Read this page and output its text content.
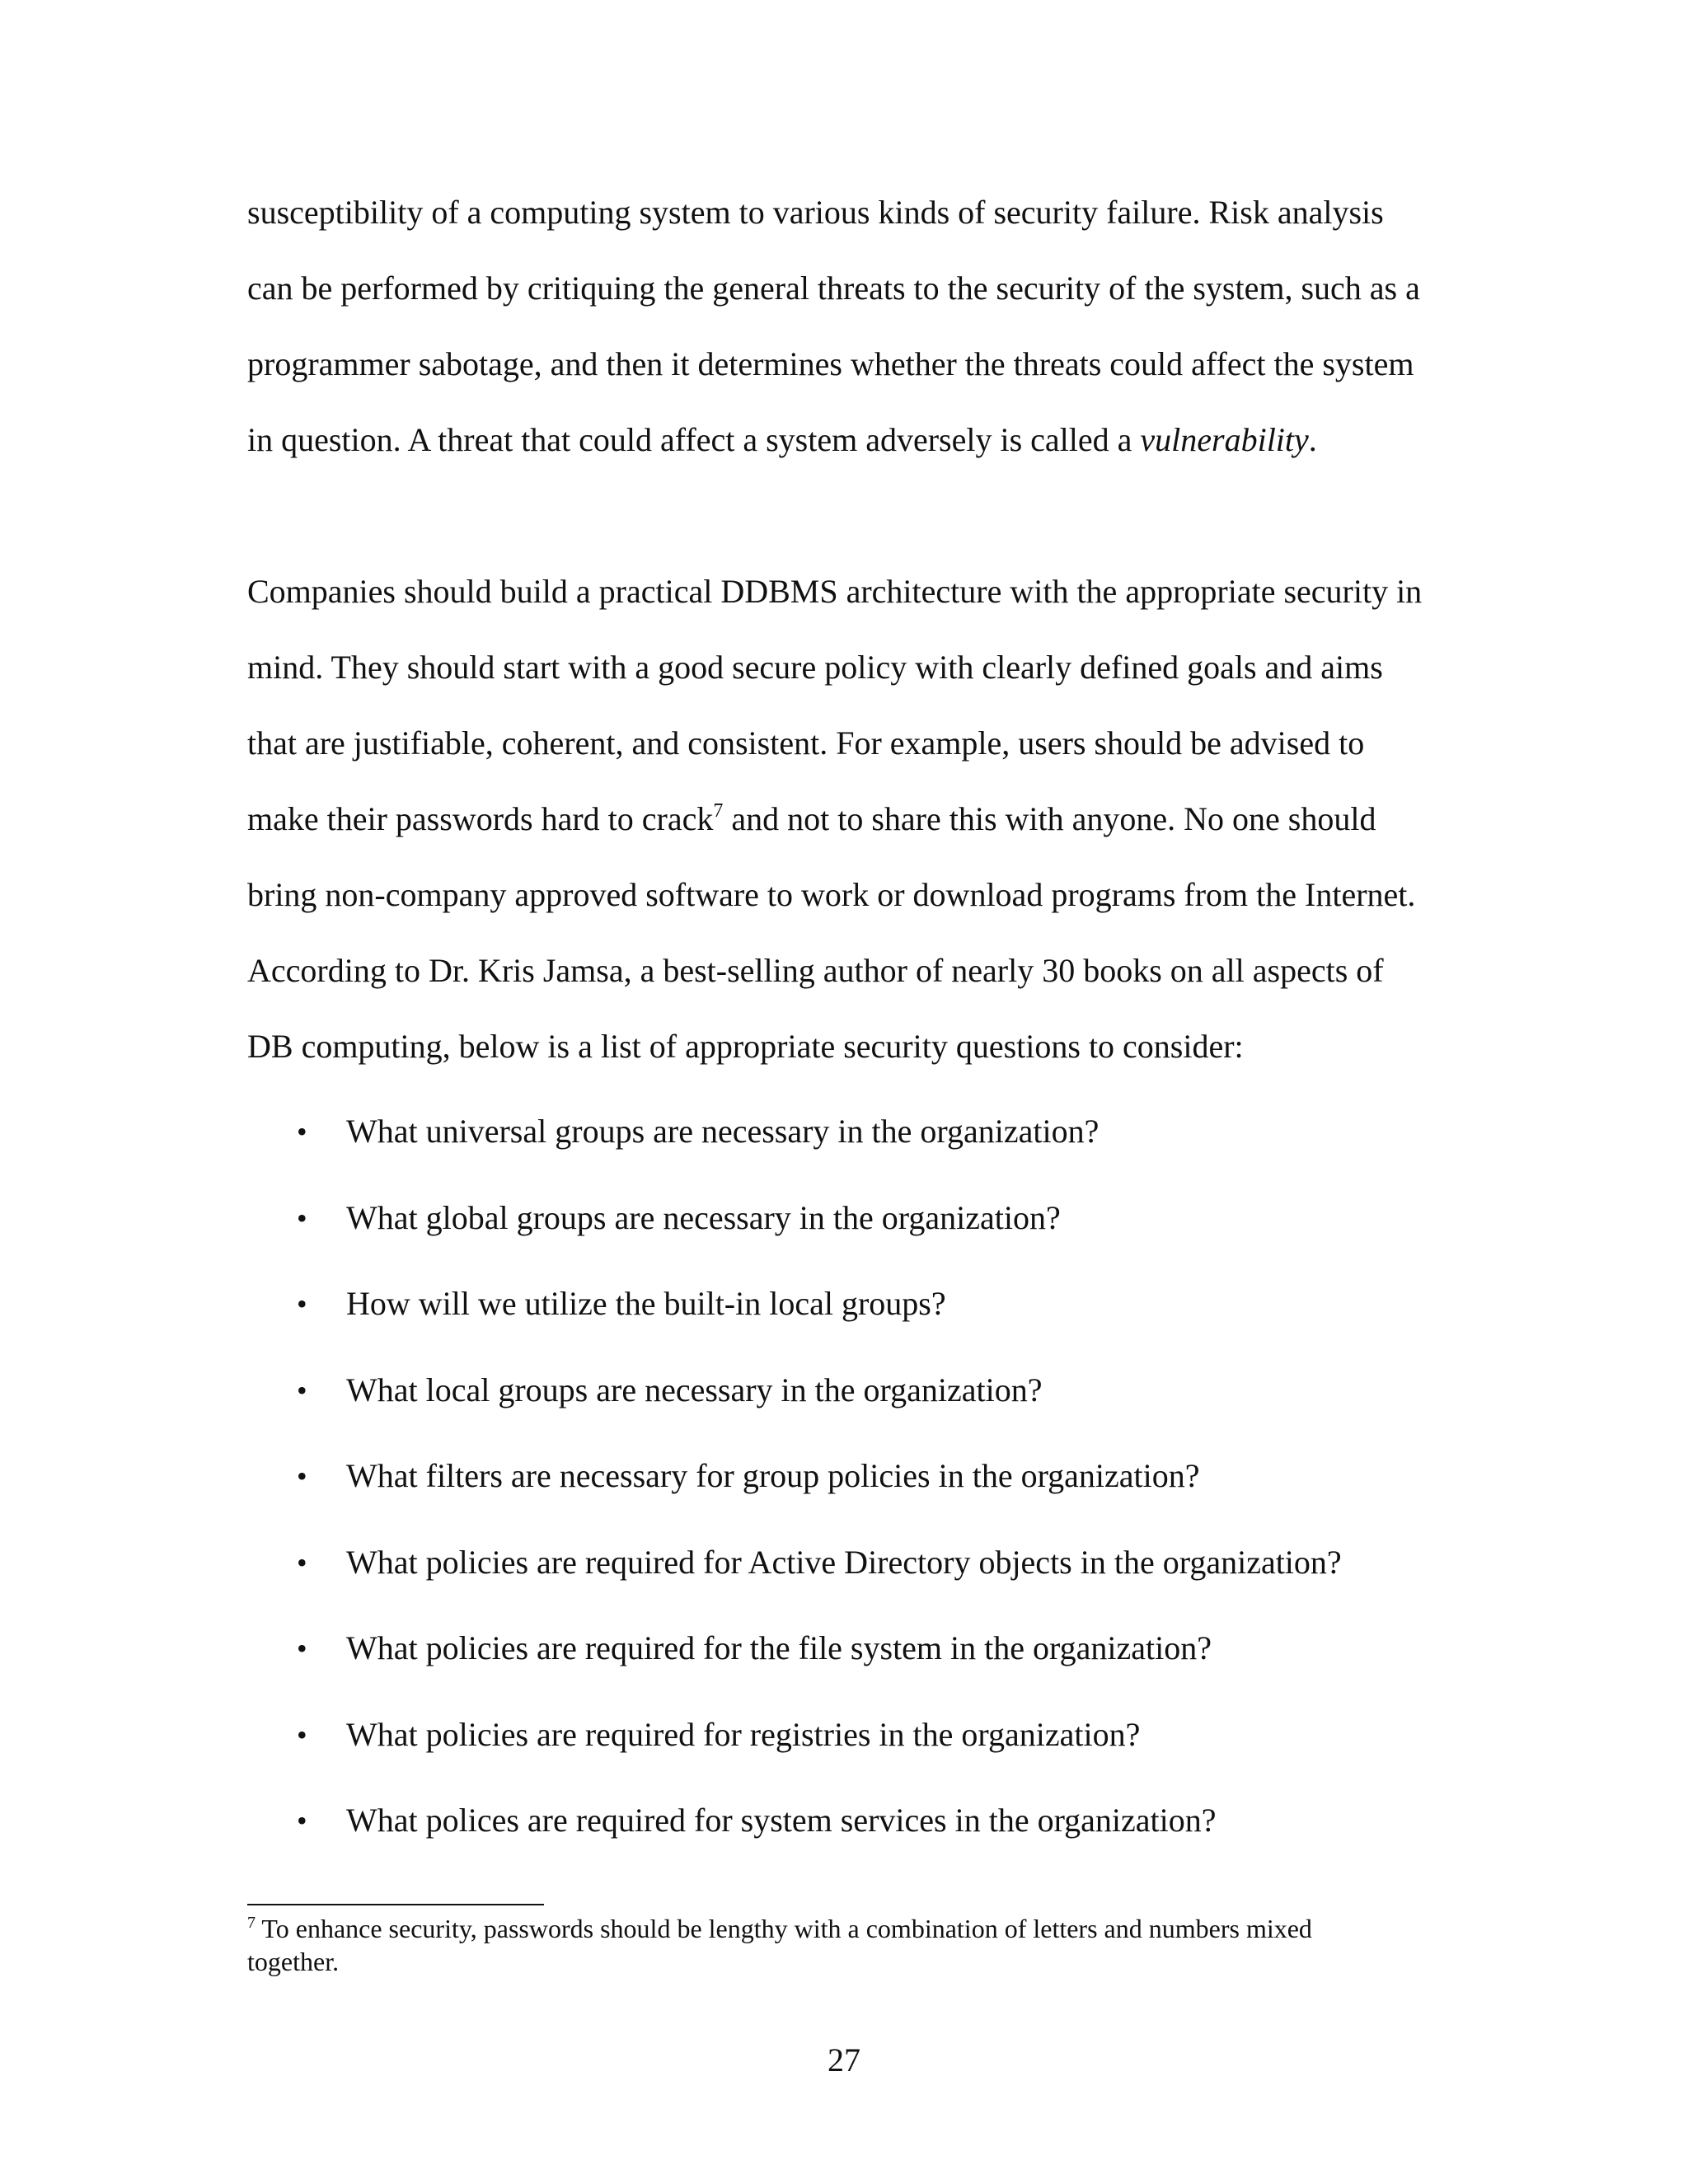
susceptibility of a computing system to various kinds of security failure. Risk analysis
can be performed by critiquing the general threats to the security of the system, such as a
programmer sabotage, and then it determines whether the threats could affect the system
in question. A threat that could affect a system adversely is called a vulnerability.
Companies should build a practical DDBMS architecture with the appropriate security in
mind. They should start with a good secure policy with clearly defined goals and aims
that are justifiable, coherent, and consistent. For example, users should be advised to
make their passwords hard to crack$^7$ and not to share this with anyone. No one should
bring non-company approved software to work or download programs from the Internet.
According to Dr. Kris Jamsa, a best-selling author of nearly 30 books on all aspects of
DB computing, below is a list of appropriate security questions to consider:
• What universal groups are necessary in the organization?
• What global groups are necessary in the organization?
• How will we utilize the built-in local groups?
• What local groups are necessary in the organization?
• What filters are necessary for group policies in the organization?
• What policies are required for Active Directory objects in the organization?
• What policies are required for the file system in the organization?
• What policies are required for registries in the organization?
• What polices are required for system services in the organization?
$^7$ To enhance security, passwords should be lengthy with a combination of letters and numbers mixed
together.
27
